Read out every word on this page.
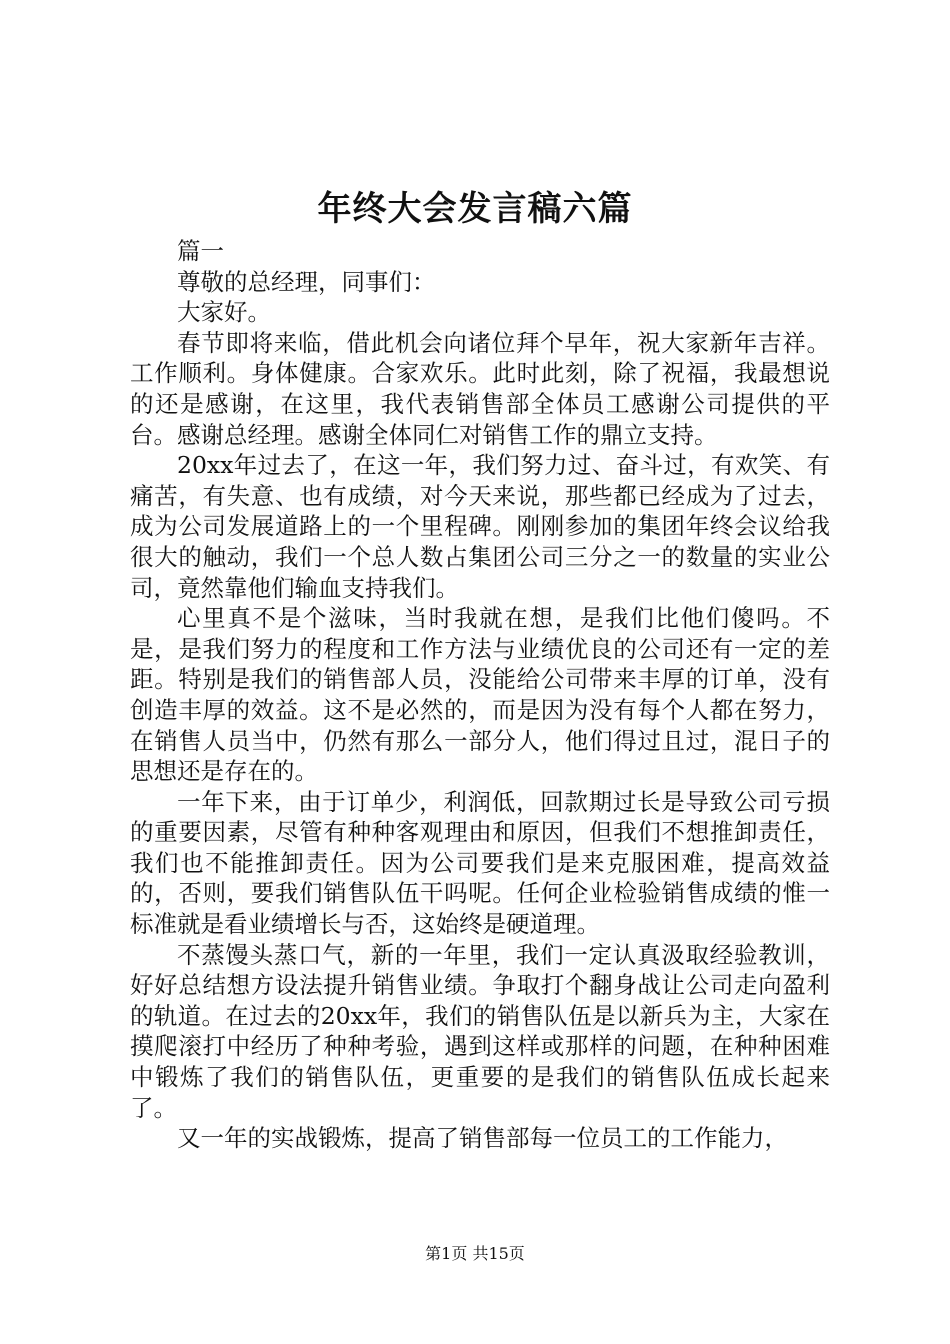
年终大会发言稿六篇

篇一

尊敬的总经理，同事们：

大家好。

春节即将来临，借此机会向诸位拜个早年，祝大家新年吉祥。工作顺利。身体健康。合家欢乐。此时此刻，除了祝福，我最想说的还是感谢，在这里，我代表销售部全体员工感谢公司提供的平台。感谢总经理。感谢全体同仁对销售工作的鼎立支持。

20xx年过去了，在这一年，我们努力过、奋斗过，有欢笑、有痛苦，有失意、也有成绩，对今天来说，那些都已经成为了过去，成为公司发展道路上的一个里程碑。刚刚参加的集团年终会议给我很大的触动，我们一个总人数占集团公司三分之一的数量的实业公司，竟然靠他们输血支持我们。

心里真不是个滋味，当时我就在想，是我们比他们傻吗。不是，是我们努力的程度和工作方法与业绩优良的公司还有一定的差距。特别是我们的销售部人员，没能给公司带来丰厚的订单，没有创造丰厚的效益。这不是必然的，而是因为没有每个人都在努力，在销售人员当中，仍然有那么一部分人，他们得过且过，混日子的思想还是存在的。

一年下来，由于订单少，利润低，回款期过长是导致公司亏损的重要因素，尽管有种种客观理由和原因，但我们不想推卸责任，我们也不能推卸责任。因为公司要我们是来克服困难，提高效益的，否则，要我们销售队伍干吗呢。任何企业检验销售成绩的惟一标准就是看业绩增长与否，这始终是硬道理。

不蒸馒头蒸口气，新的一年里，我们一定认真汲取经验教训，好好总结想方设法提升销售业绩。争取打个翻身战让公司走向盈利的轨道。在过去的20xx年，我们的销售队伍是以新兵为主，大家在摸爬滚打中经历了种种考验，遇到这样或那样的问题，在种种困难中锻炼了我们的销售队伍，更重要的是我们的销售队伍成长起来了。

又一年的实战锻炼，提高了销售部每一位员工的工作能力，

第1页 共15页
